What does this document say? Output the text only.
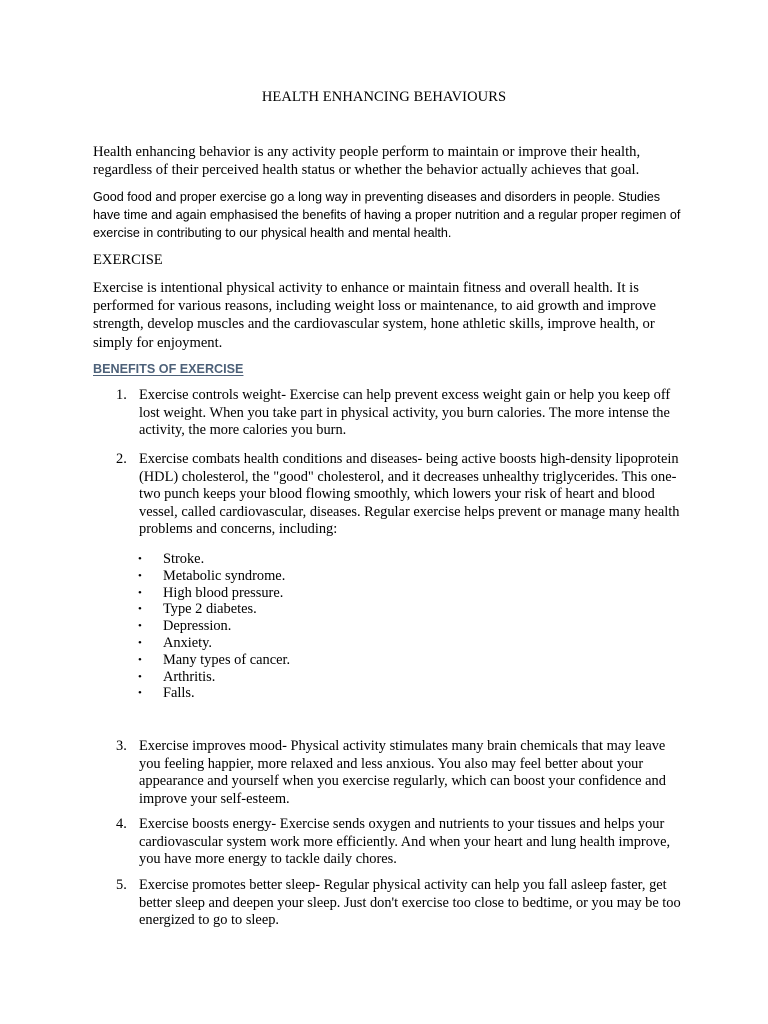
HEALTH ENHANCING BEHAVIOURS

Health enhancing behavior is any activity people perform to maintain or improve their health, regardless of their perceived health status or whether the behavior actually achieves that goal.

Good food and proper exercise go a long way in preventing diseases and disorders in people. Studies have time and again emphasised the benefits of having a proper nutrition and a regular proper regimen of exercise in contributing to our physical health and mental health.

EXERCISE

Exercise is intentional physical activity to enhance or maintain fitness and overall health. It is performed for various reasons, including weight loss or maintenance, to aid growth and improve strength, develop muscles and the cardiovascular system, hone athletic skills, improve health, or simply for enjoyment.

BENEFITS OF EXERCISE
1. Exercise controls weight- Exercise can help prevent excess weight gain or help you keep off lost weight. When you take part in physical activity, you burn calories. The more intense the activity, the more calories you burn.
2. Exercise combats health conditions and diseases- being active boosts high-density lipoprotein (HDL) cholesterol, the "good" cholesterol, and it decreases unhealthy triglycerides. This one-two punch keeps your blood flowing smoothly, which lowers your risk of heart and blood vessel, called cardiovascular, diseases. Regular exercise helps prevent or manage many health problems and concerns, including:
•	Stroke.
•	Metabolic syndrome.
•	High blood pressure.
•	Type 2 diabetes.
•	Depression.
•	Anxiety.
•	Many types of cancer.
•	Arthritis.
•	Falls.
3. Exercise improves mood- Physical activity stimulates many brain chemicals that may leave you feeling happier, more relaxed and less anxious. You also may feel better about your appearance and yourself when you exercise regularly, which can boost your confidence and improve your self-esteem.
4. Exercise boosts energy- Exercise sends oxygen and nutrients to your tissues and helps your cardiovascular system work more efficiently. And when your heart and lung health improve, you have more energy to tackle daily chores.
5. Exercise promotes better sleep- Regular physical activity can help you fall asleep faster, get better sleep and deepen your sleep. Just don't exercise too close to bedtime, or you may be too energized to go to sleep.
